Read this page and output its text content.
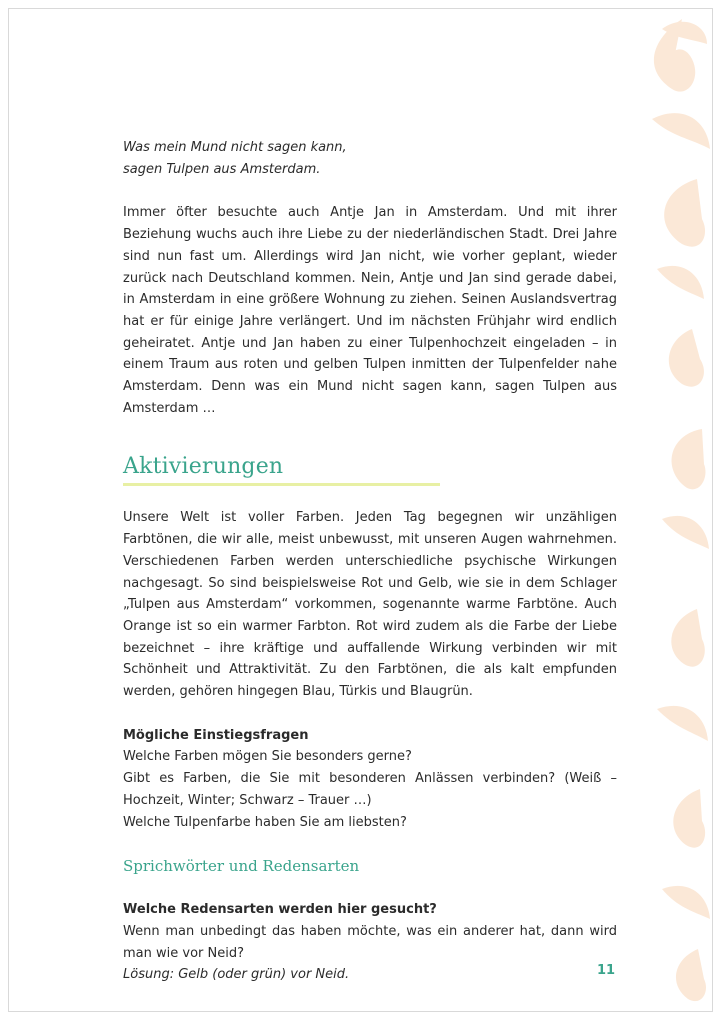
Was mein Mund nicht sagen kann,

sagen Tulpen aus Amsterdam.

Immer öfter besuchte auch Antje Jan in Amsterdam. Und mit ihrer Beziehung wuchs auch ihre Liebe zu der niederländischen Stadt. Drei Jahre sind nun fast um. Allerdings wird Jan nicht, wie vorher geplant, wieder zurück nach Deutschland kommen. Nein, Antje und Jan sind gerade dabei, in Amsterdam in eine größere Wohnung zu ziehen. Seinen Auslandsvertrag hat er für einige Jahre verlängert. Und im nächsten Frühjahr wird endlich geheiratet. Antje und Jan haben zu einer Tulpenhochzeit eingeladen – in einem Traum aus roten und gelben Tulpen inmitten der Tulpenfelder nahe Amsterdam. Denn was ein Mund nicht sagen kann, sagen Tulpen aus Amsterdam …

Aktivierungen

Unsere Welt ist voller Farben. Jeden Tag begegnen wir unzähligen Farbtönen, die wir alle, meist unbewusst, mit unseren Augen wahrnehmen. Verschiedenen Farben werden unterschiedliche psychische Wirkungen nachgesagt. So sind beispielsweise Rot und Gelb, wie sie in dem Schlager „Tulpen aus Amsterdam“ vorkommen, sogenannte warme Farbtöne. Auch Orange ist so ein warmer Farbton. Rot wird zudem als die Farbe der Liebe bezeichnet – ihre kräftige und auffallende Wirkung verbinden wir mit Schönheit und Attraktivität. Zu den Farbtönen, die als kalt empfunden werden, gehören hingegen Blau, Türkis und Blaugrün.

Mögliche Einstiegsfragen

Welche Farben mögen Sie besonders gerne?

Gibt es Farben, die Sie mit besonderen Anlässen verbinden? (Weiß – Hochzeit, Winter; Schwarz – Trauer …)

Welche Tulpenfarbe haben Sie am liebsten?

Sprichwörter und Redensarten

Welche Redensarten werden hier gesucht?

Wenn man unbedingt das haben möchte, was ein anderer hat, dann wird man wie vor Neid?

Lösung: Gelb (oder grün) vor Neid.	11
